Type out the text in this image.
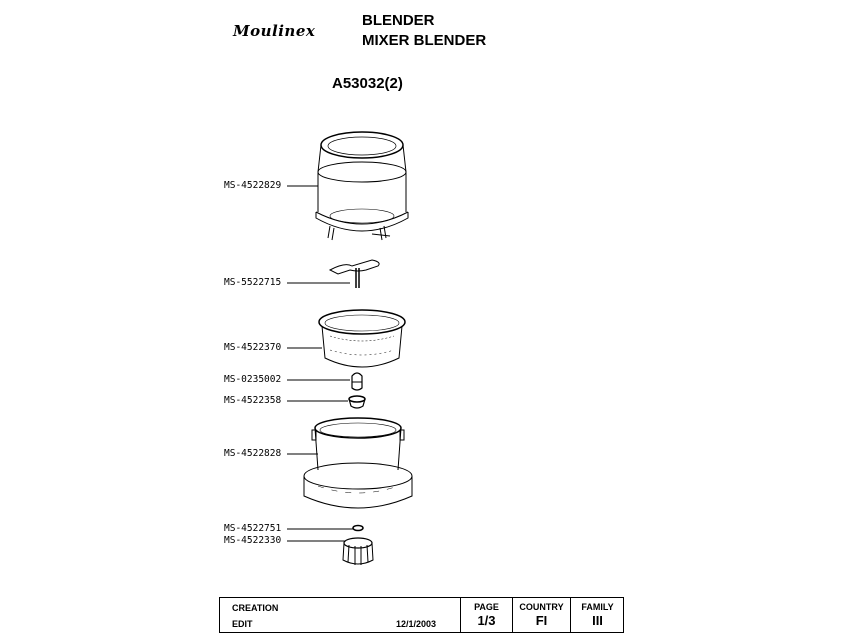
Moulinex
BLENDER
MIXER BLENDER
A53032(2)
MS-4522829
MS-5522715
MS-4522370
MS-0235002
MS-4522358
MS-4522828
MS-4522751
MS-4522330
CREATION
EDIT	12/1/2003
PAGE
1/3
COUNTRY
FI
FAMILY
III
